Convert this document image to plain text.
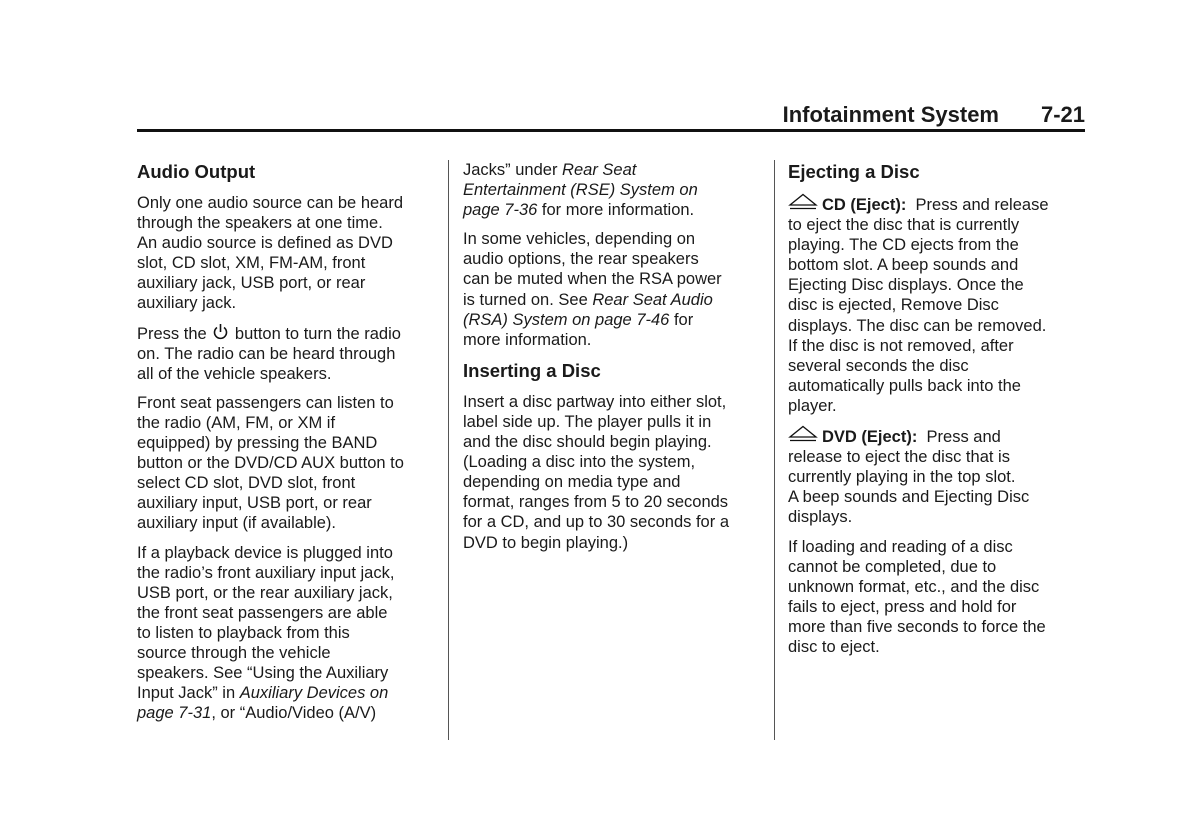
Infotainment System 7-21
Audio Output

Only one audio source can be heard
through the speakers at one time.
An audio source is defined as DVD
slot, CD slot, XM, FM-AM, front
auxiliary jack, USB port, or rear
auxiliary jack.

Press the button to turn the radio
on. The radio can be heard through
all of the vehicle speakers.

Front seat passengers can listen to
the radio (AM, FM, or XM if
equipped) by pressing the BAND
button or the DVD/CD AUX button to
select CD slot, DVD slot, front
auxiliary input, USB port, or rear
auxiliary input (if available).

If a playback device is plugged into
the radio’s front auxiliary input jack,
USB port, or the rear auxiliary jack,
the front seat passengers are able
to listen to playback from this
source through the vehicle
speakers. See “Using the Auxiliary
Input Jack” in Auxiliary Devices on
page 7-31, or “Audio/Video (A/V)

Jacks” under Rear Seat
Entertainment (RSE) System on
page 7-36 for more information.

In some vehicles, depending on
audio options, the rear speakers
can be muted when the RSA power
is turned on. See Rear Seat Audio
(RSA) System on page 7-46 for
more information.

Inserting a Disc

Insert a disc partway into either slot,
label side up. The player pulls it in
and the disc should begin playing.
(Loading a disc into the system,
depending on media type and
format, ranges from 5 to 20 seconds
for a CD, and up to 30 seconds for a
DVD to begin playing.)

Ejecting a Disc

CD (Eject): Press and release
to eject the disc that is currently
playing. The CD ejects from the
bottom slot. A beep sounds and
Ejecting Disc displays. Once the
disc is ejected, Remove Disc
displays. The disc can be removed.
If the disc is not removed, after
several seconds the disc
automatically pulls back into the
player.

DVD (Eject): Press and
release to eject the disc that is
currently playing in the top slot.
A beep sounds and Ejecting Disc
displays.

If loading and reading of a disc
cannot be completed, due to
unknown format, etc., and the disc
fails to eject, press and hold for
more than five seconds to force the
disc to eject.
